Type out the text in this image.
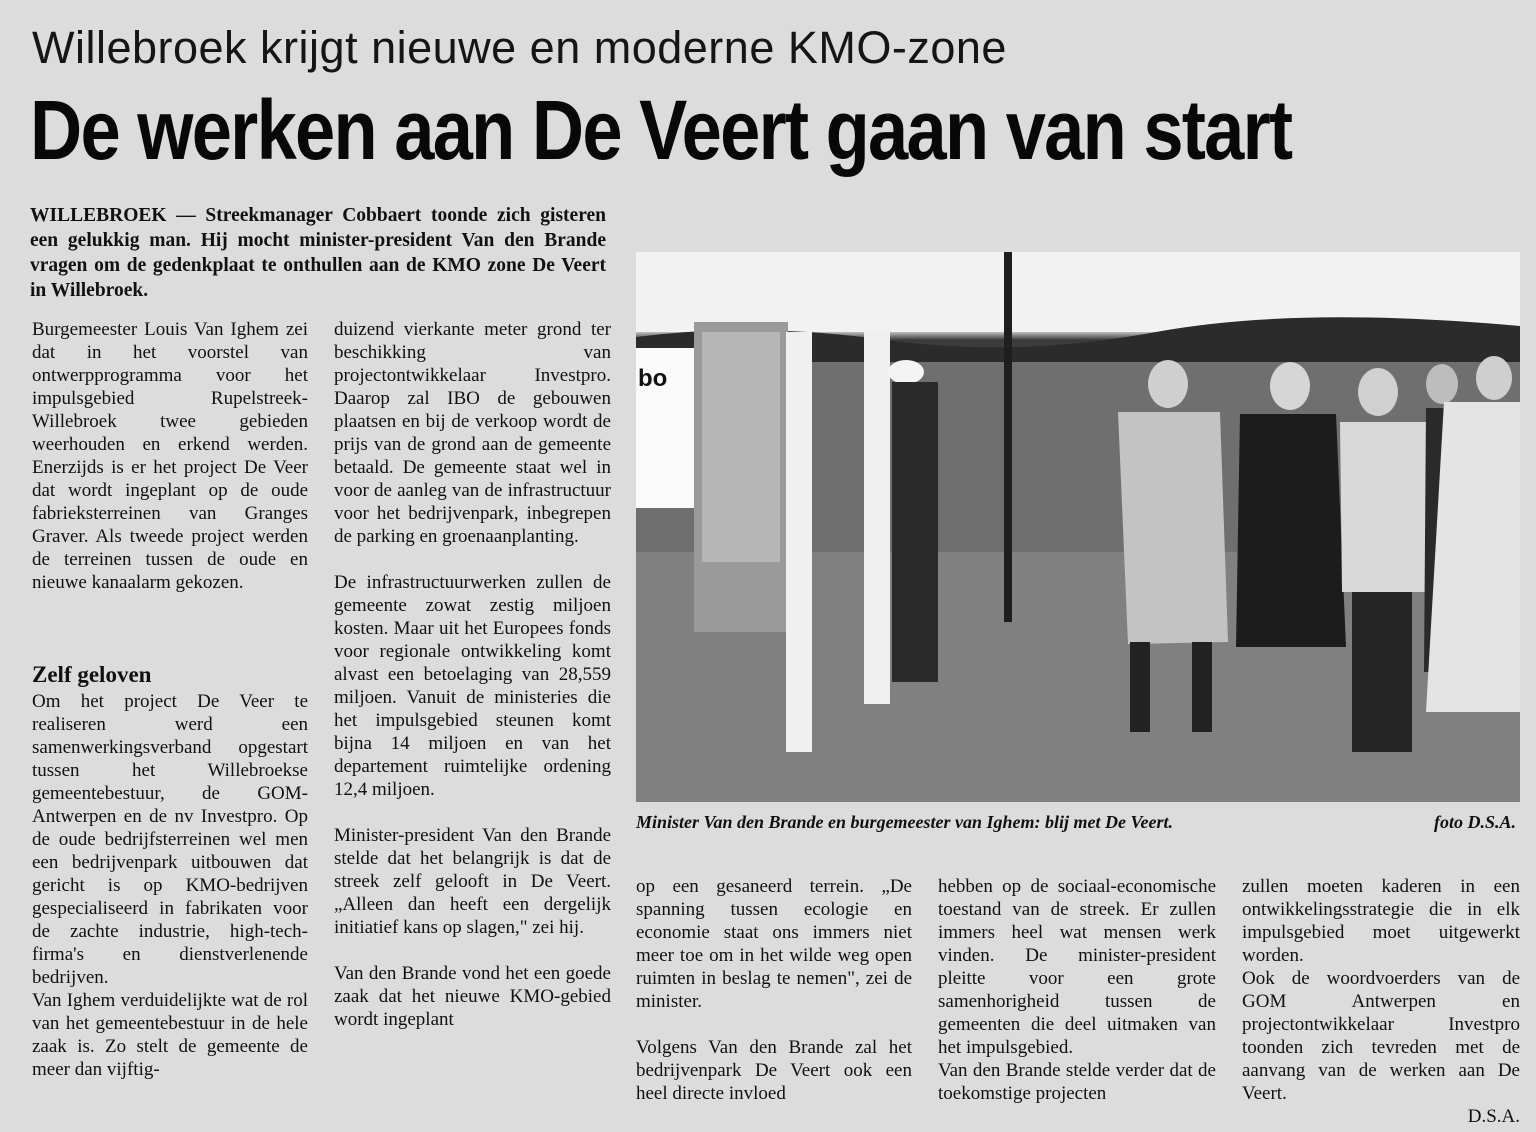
Willebroek krijgt nieuwe en moderne KMO-zone
De werken aan De Veert gaan van start
WILLEBROEK — Streekmanager Cobbaert toonde zich gisteren een gelukkig man. Hij mocht minister-president Van den Brande vragen om de gedenkplaat te onthullen aan de KMO zone De Veert in Willebroek.

Burgemeester Louis Van Ighem zei dat in het voorstel van ontwerpprogramma voor het impulsgebied Rupelstreek-Willebroek twee gebieden weerhouden en erkend werden. Enerzijds is er het project De Veer dat wordt ingeplant op de oude fabrieksterreinen van Granges Graver. Als tweede project werden de terreinen tussen de oude en nieuwe kanaalarm gekozen.

Zelf geloven

Om het project De Veer te realiseren werd een samenwerkingsverband opgestart tussen het Willebroekse gemeentebestuur, de GOM-Antwerpen en de nv Investpro. Op de oude bedrijfsterreinen wel men een bedrijvenpark uitbouwen dat gericht is op KMO-bedrijven gespecialiseerd in fabrikaten voor de zachte industrie, high-tech-firma's en dienstverlenende bedrijven.

Van Ighem verduidelijkte wat de rol van het gemeentebestuur in de hele zaak is. Zo stelt de gemeente de meer dan vijftig-

duizend vierkante meter grond ter beschikking van projectontwikkelaar Investpro. Daarop zal IBO de gebouwen plaatsen en bij de verkoop wordt de prijs van de grond aan de gemeente betaald. De gemeente staat wel in voor de aanleg van de infrastructuur voor het bedrijvenpark, inbegrepen de parking en groenaanplanting.

De infrastructuurwerken zullen de gemeente zowat zestig miljoen kosten. Maar uit het Europees fonds voor regionale ontwikkeling komt alvast een betoelaging van 28,559 miljoen. Vanuit de ministeries die het impulsgebied steunen komt bijna 14 miljoen en van het departement ruimtelijke ordening 12,4 miljoen.

Minister-president Van den Brande stelde dat het belangrijk is dat de streek zelf gelooft in De Veert. „Alleen dan heeft een dergelijk initiatief kans op slagen," zei hij.

Van den Brande vond het een goede zaak dat het nieuwe KMO-gebied wordt ingeplant

bo
Minister Van den Brande en burgemeester van Ighem: blij met De Veert.	foto D.S.A.

op een gesaneerd terrein. „De spanning tussen ecologie en economie staat ons immers niet meer toe om in het wilde weg open ruimten in beslag te nemen", zei de minister.

Volgens Van den Brande zal het bedrijvenpark De Veert ook een heel directe invloed

hebben op de sociaal-economische toestand van de streek. Er zullen immers heel wat mensen werk vinden. De minister-president pleitte voor een grote samenhorigheid tussen de gemeenten die deel uitmaken van het impulsgebied.

Van den Brande stelde verder dat de toekomstige projecten

zullen moeten kaderen in een ontwikkelingsstrategie die in elk impulsgebied moet uitgewerkt worden.

Ook de woordvoerders van de GOM Antwerpen en projectontwikkelaar Investpro toonden zich tevreden met de aanvang van de werken aan De Veert.

D.S.A.
